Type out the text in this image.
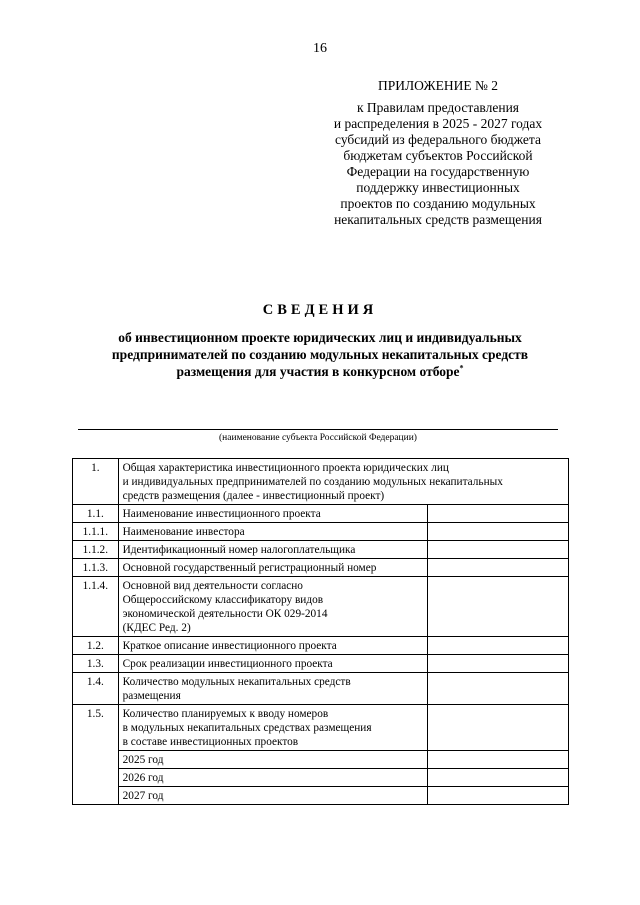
16
ПРИЛОЖЕНИЕ № 2
к Правилам предоставления
и распределения в 2025 - 2027 годах
субсидий из федерального бюджета
бюджетам субъектов Российской
Федерации на государственную
поддержку инвестиционных
проектов по созданию модульных
некапитальных средств размещения
СВЕДЕНИЯ
об инвестиционном проекте юридических лиц и индивидуальных
предпринимателей по созданию модульных некапитальных средств
размещения для участия в конкурсном отборе*
(наименование субъекта Российской Федерации)
1.	Общая характеристика инвестиционного проекта юридических лиц
и индивидуальных предпринимателей по созданию модульных некапитальных
средств размещения (далее - инвестиционный проект)	

1.1.	Наименование инвестиционного проекта	
1.1.1.	Наименование инвестора	
1.1.2.	Идентификационный номер налогоплательщика	
1.1.3.	Основной государственный регистрационный номер	
1.1.4.	Основной вид деятельности согласно
Общероссийскому классификатору видов
экономической деятельности ОК 029-2014
(КДЕС Ред. 2)	

1.2.	Краткое описание инвестиционного проекта	
1.3.	Срок реализации инвестиционного проекта	
1.4.	Количество модульных некапитальных средств
размещения	

1.5.	Количество планируемых к вводу номеров
в модульных некапитальных средствах размещения
в составе инвестиционных проектов	

	2025 год	
	2026 год	
	2027 год	
